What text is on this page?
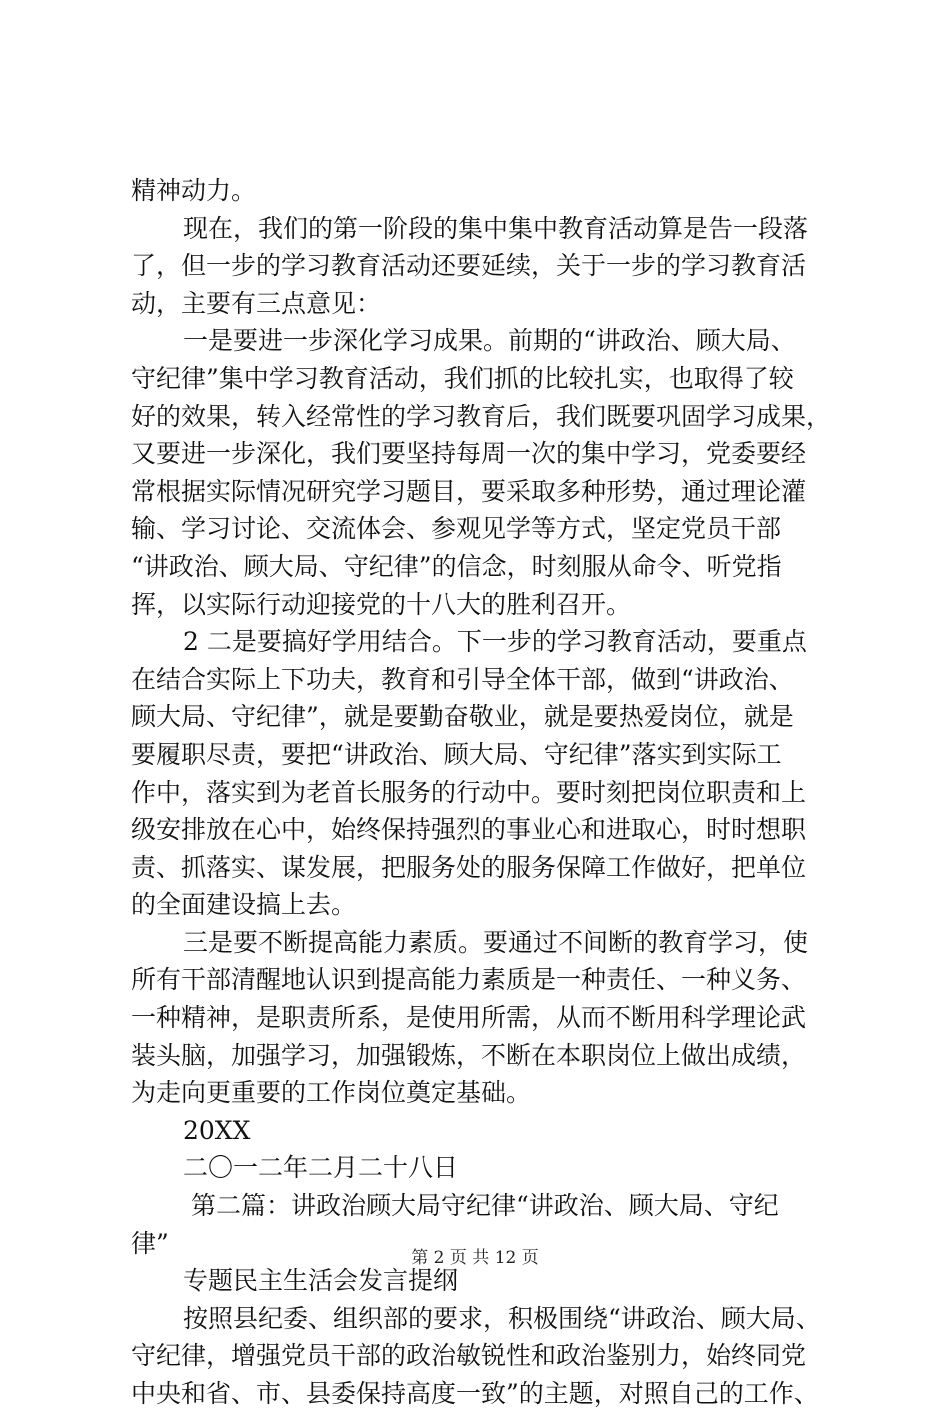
精神动力。
现在，我们的第一阶段的集中集中教育活动算是告一段落
了，但一步的学习教育活动还要延续，关于一步的学习教育活
动，主要有三点意见：
一是要进一步深化学习成果。前期的“讲政治、顾大局、
守纪律”集中学习教育活动，我们抓的比较扎实，也取得了较
好的效果，转入经常性的学习教育后，我们既要巩固学习成果，
又要进一步深化，我们要坚持每周一次的集中学习，党委要经
常根据实际情况研究学习题目，要采取多种形势，通过理论灌
输、学习讨论、交流体会、参观见学等方式，坚定党员干部
“讲政治、顾大局、守纪律”的信念，时刻服从命令、听党指
挥，以实际行动迎接党的十八大的胜利召开。
2 二是要搞好学用结合。下一步的学习教育活动，要重点
在结合实际上下功夫，教育和引导全体干部，做到“讲政治、
顾大局、守纪律”，就是要勤奋敬业，就是要热爱岗位，就是
要履职尽责，要把“讲政治、顾大局、守纪律”落实到实际工
作中，落实到为老首长服务的行动中。要时刻把岗位职责和上
级安排放在心中，始终保持强烈的事业心和进取心，时时想职
责、抓落实、谋发展，把服务处的服务保障工作做好，把单位
的全面建设搞上去。
三是要不断提高能力素质。要通过不间断的教育学习，使
所有干部清醒地认识到提高能力素质是一种责任、一种义务、
一种精神，是职责所系，是使用所需，从而不断用科学理论武
装头脑，加强学习，加强锻炼，不断在本职岗位上做出成绩，
为走向更重要的工作岗位奠定基础。
20XX
二〇一二年二月二十八日
第二篇：讲政治顾大局守纪律“讲政治、顾大局、守纪
律”
专题民主生活会发言提纲
按照县纪委、组织部的要求，积极围绕“讲政治、顾大局、
守纪律，增强党员干部的政治敏锐性和政治鉴别力，始终同党
中央和省、市、县委保持高度一致”的主题，对照自己的工作、
第 2 页 共 12 页
